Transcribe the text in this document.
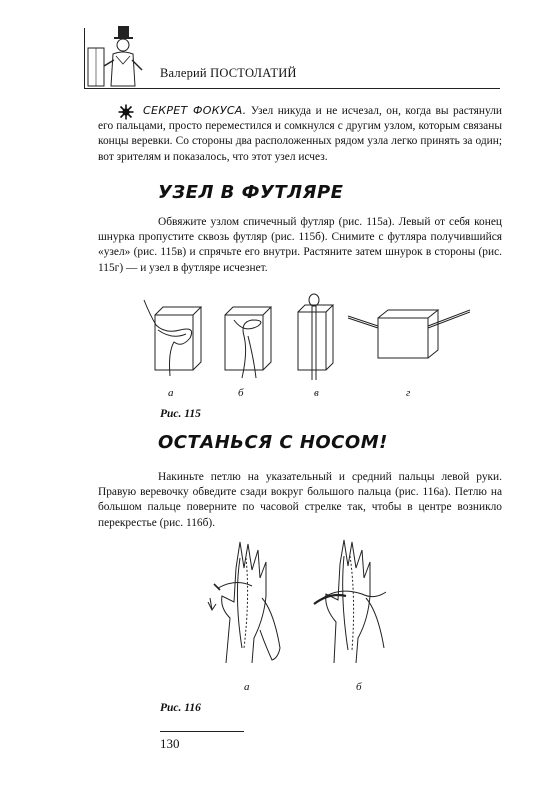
Валерий ПОСТОЛАТИЙ

СЕКРЕТ ФОКУСА. Узел никуда и не исчезал, он, когда вы растянули его пальцами, просто переместился и сомкнулся с другим узлом, которым связаны концы веревки. Со стороны два расположенных рядом узла легко принять за один; вот зрителям и показалось, что этот узел исчез.

УЗЕЛ В ФУТЛЯРЕ

Обвяжите узлом спичечный футляр (рис. 115а). Левый от себя конец шнурка пропустите сквозь футляр (рис. 115б). Снимите с футляра получившийся «узел» (рис. 115в) и спрячьте его внутри. Растяните затем шнурок в стороны (рис. 115г) — и узел в футляре исчезнет.

а	б	в	г
Рис. 115
ОСТАНЬСЯ С НОСОМ!

Накиньте петлю на указательный и средний пальцы левой руки. Правую веревочку обведите сзади вокруг большого пальца (рис. 116а). Петлю на большом пальце поверните по часовой стрелке так, чтобы в центре возникло перекрестье (рис. 116б).

а	б
Рис. 116
130
